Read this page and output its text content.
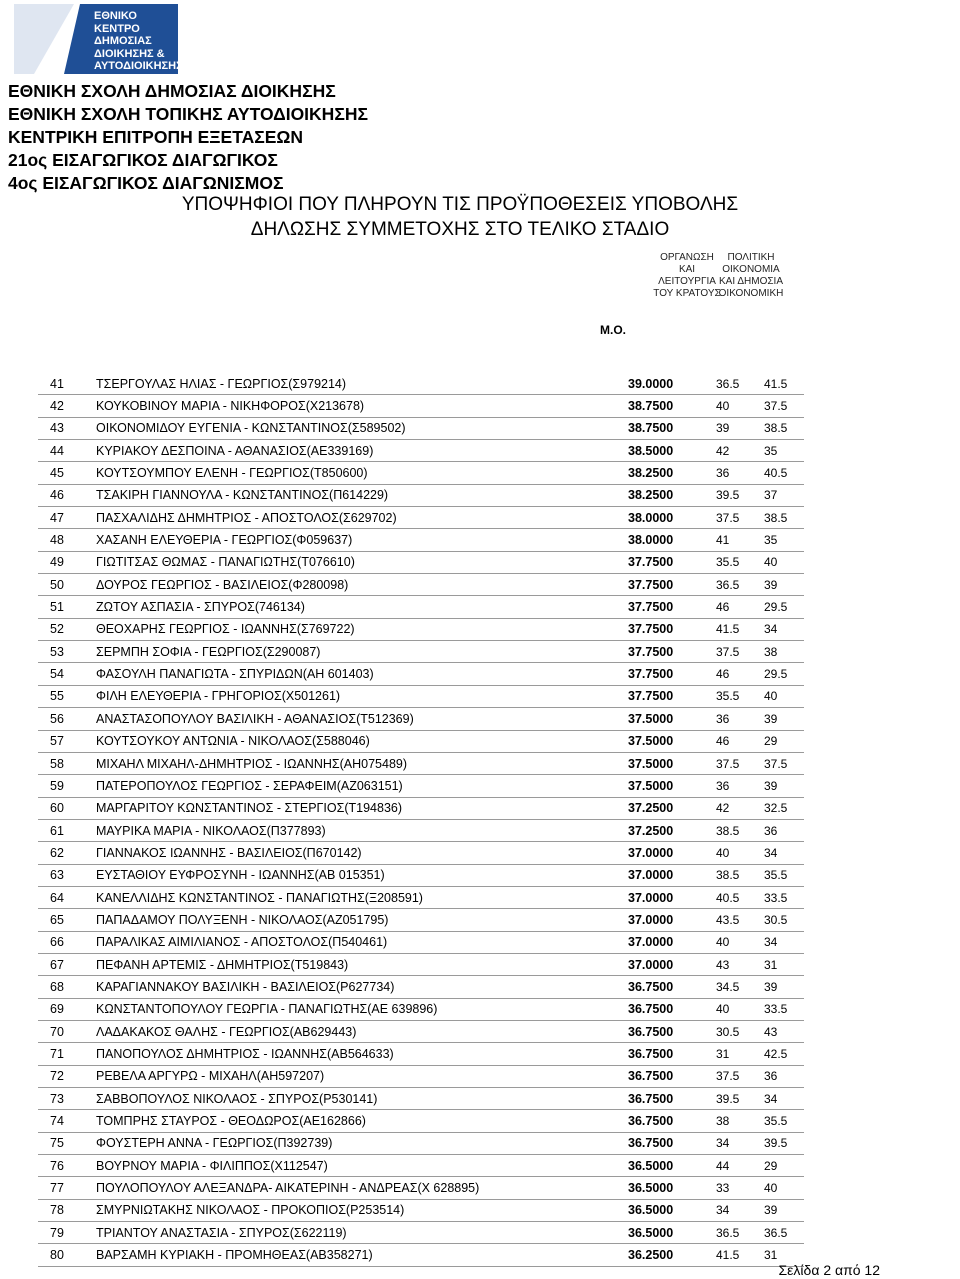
ΕΘΝΙΚΟ
ΚΕΝΤΡΟ
ΔΗΜΟΣΙΑΣ
ΔΙΟΙΚΗΣΗΣ &
ΑΥΤΟΔΙΟΙΚΗΣΗΣ
ΕΘΝΙΚΗ ΣΧΟΛΗ ΔΗΜΟΣΙΑΣ ΔΙΟΙΚΗΣΗΣ
ΕΘΝΙΚΗ ΣΧΟΛΗ ΤΟΠΙΚΗΣ ΑΥΤΟΔΙΟΙΚΗΣΗΣ
ΚΕΝΤΡΙΚΗ ΕΠΙΤΡΟΠΗ ΕΞΕΤΑΣΕΩΝ
21ος ΕΙΣΑΓΩΓΙΚΟΣ ΔΙΑΓΩΓΙΚΟΣ
4ος ΕΙΣΑΓΩΓΙΚΟΣ ΔΙΑΓΩΝΙΣΜΟΣ
ΥΠΟΨΗΦΙΟΙ ΠΟΥ ΠΛΗΡΟΥΝ ΤΙΣ ΠΡΟΫΠΟΘΕΣΕΙΣ ΥΠΟΒΟΛΗΣ
ΔΗΛΩΣΗΣ ΣΥΜΜΕΤΟΧΗΣ ΣΤΟ ΤΕΛΙΚΟ ΣΤΑΔΙΟ
ΟΡΓΑΝΩΣΗ ΚΑΙ
ΛΕΙΤΟΥΡΓΙΑ
ΤΟΥ ΚΡΑΤΟΥΣ
ΠΟΛΙΤΙΚΗ
ΟΙΚΟΝΟΜΙΑ
ΚΑΙ ΔΗΜΟΣΙΑ
ΟΙΚΟΝΟΜΙΚΗ
Μ.Ο.
41	ΤΣΕΡΓΟΥΛΑΣ ΗΛΙΑΣ - ΓΕΩΡΓΙΟΣ(Σ979214)	39.0000	36.5	41.5
42	ΚΟΥΚΟΒΙΝΟΥ ΜΑΡΙΑ - ΝΙΚΗΦΟΡΟΣ(Χ213678)	38.7500	40	37.5
43	ΟΙΚΟΝΟΜΙΔΟΥ ΕΥΓΕΝΙΑ - ΚΩΝΣΤΑΝΤΙΝΟΣ(Σ589502)	38.7500	39	38.5
44	ΚΥΡΙΑΚΟΥ ΔΕΣΠΟΙΝΑ - ΑΘΑΝΑΣΙΟΣ(ΑΕ339169)	38.5000	42	35
45	ΚΟΥΤΣΟΥΜΠΟΥ ΕΛΕΝΗ - ΓΕΩΡΓΙΟΣ(Τ850600)	38.2500	36	40.5
46	ΤΣΑΚΙΡΗ ΓΙΑΝΝΟΥΛΑ - ΚΩΝΣΤΑΝΤΙΝΟΣ(Π614229)	38.2500	39.5	37
47	ΠΑΣΧΑΛΙΔΗΣ ΔΗΜΗΤΡΙΟΣ - ΑΠΟΣΤΟΛΟΣ(Σ629702)	38.0000	37.5	38.5
48	ΧΑΣΑΝΗ ΕΛΕΥΘΕΡΙΑ - ΓΕΩΡΓΙΟΣ(Φ059637)	38.0000	41	35
49	ΓΙΩΤΙΤΣΑΣ ΘΩΜΑΣ - ΠΑΝΑΓΙΩΤΗΣ(Τ076610)	37.7500	35.5	40
50	ΔΟΥΡΟΣ ΓΕΩΡΓΙΟΣ - ΒΑΣΙΛΕΙΟΣ(Φ280098)	37.7500	36.5	39
51	ΖΩΤΟΥ ΑΣΠΑΣΙΑ - ΣΠΥΡΟΣ(746134)	37.7500	46	29.5
52	ΘΕΟΧΑΡΗΣ ΓΕΩΡΓΙΟΣ - ΙΩΑΝΝΗΣ(Σ769722)	37.7500	41.5	34
53	ΣΕΡΜΠΗ ΣΟΦΙΑ - ΓΕΩΡΓΙΟΣ(Σ290087)	37.7500	37.5	38
54	ΦΑΣΟΥΛΗ ΠΑΝΑΓΙΩΤΑ - ΣΠΥΡΙΔΩΝ(ΑΗ 601403)	37.7500	46	29.5
55	ΦΙΛΗ ΕΛΕΥΘΕΡΙΑ - ΓΡΗΓΟΡΙΟΣ(Χ501261)	37.7500	35.5	40
56	ΑΝΑΣΤΑΣΟΠΟΥΛΟΥ ΒΑΣΙΛΙΚΗ - ΑΘΑΝΑΣΙΟΣ(Τ512369)	37.5000	36	39
57	ΚΟΥΤΣΟΥΚΟΥ ΑΝΤΩΝΙΑ - ΝΙΚΟΛΑΟΣ(Σ588046)	37.5000	46	29
58	ΜΙΧΑΗΛ ΜΙΧΑΗΛ-ΔΗΜΗΤΡΙΟΣ - ΙΩΑΝΝΗΣ(ΑΗ075489)	37.5000	37.5	37.5
59	ΠΑΤΕΡΟΠΟΥΛΟΣ ΓΕΩΡΓΙΟΣ - ΣΕΡΑΦΕΙΜ(ΑΖ063151)	37.5000	36	39
60	ΜΑΡΓΑΡΙΤΟΥ ΚΩΝΣΤΑΝΤΙΝΟΣ - ΣΤΕΡΓΙΟΣ(Τ194836)	37.2500	42	32.5
61	ΜΑΥΡΙΚΑ ΜΑΡΙΑ - ΝΙΚΟΛΑΟΣ(Π377893)	37.2500	38.5	36
62	ΓΙΑΝΝΑΚΟΣ ΙΩΑΝΝΗΣ - ΒΑΣΙΛΕΙΟΣ(Π670142)	37.0000	40	34
63	ΕΥΣΤΑΘΙΟΥ ΕΥΦΡΟΣΥΝΗ - ΙΩΑΝΝΗΣ(ΑΒ 015351)	37.0000	38.5	35.5
64	ΚΑΝΕΛΛΙΔΗΣ ΚΩΝΣΤΑΝΤΙΝΟΣ - ΠΑΝΑΓΙΩΤΗΣ(Ξ208591)	37.0000	40.5	33.5
65	ΠΑΠΑΔΑΜΟΥ ΠΟΛΥΞΕΝΗ - ΝΙΚΟΛΑΟΣ(ΑΖ051795)	37.0000	43.5	30.5
66	ΠΑΡΑΛΙΚΑΣ ΑΙΜΙΛΙΑΝΟΣ - ΑΠΟΣΤΟΛΟΣ(Π540461)	37.0000	40	34
67	ΠΕΦΑΝΗ ΑΡΤΕΜΙΣ - ΔΗΜΗΤΡΙΟΣ(Τ519843)	37.0000	43	31
68	ΚΑΡΑΓΙΑΝΝΑΚΟΥ ΒΑΣΙΛΙΚΗ - ΒΑΣΙΛΕΙΟΣ(Ρ627734)	36.7500	34.5	39
69	ΚΩΝΣΤΑΝΤΟΠΟΥΛΟΥ ΓΕΩΡΓΙΑ - ΠΑΝΑΓΙΩΤΗΣ(ΑΕ 639896)	36.7500	40	33.5
70	ΛΑΔΑΚΑΚΟΣ ΘΑΛΗΣ - ΓΕΩΡΓΙΟΣ(ΑΒ629443)	36.7500	30.5	43
71	ΠΑΝΟΠΟΥΛΟΣ ΔΗΜΗΤΡΙΟΣ - ΙΩΑΝΝΗΣ(ΑΒ564633)	36.7500	31	42.5
72	ΡΕΒΕΛΑ ΑΡΓΥΡΩ - ΜΙΧΑΗΛ(ΑΗ597207)	36.7500	37.5	36
73	ΣΑΒΒΟΠΟΥΛΟΣ ΝΙΚΟΛΑΟΣ - ΣΠΥΡΟΣ(Ρ530141)	36.7500	39.5	34
74	ΤΟΜΠΡΗΣ ΣΤΑΥΡΟΣ - ΘΕΟΔΩΡΟΣ(ΑΕ162866)	36.7500	38	35.5
75	ΦΟΥΣΤΕΡΗ ΑΝΝΑ - ΓΕΩΡΓΙΟΣ(Π392739)	36.7500	34	39.5
76	ΒΟΥΡΝΟΥ ΜΑΡΙΑ - ΦΙΛΙΠΠΟΣ(Χ112547)	36.5000	44	29
77	ΠΟΥΛΟΠΟΥΛΟΥ ΑΛΕΞΑΝΔΡΑ- ΑΙΚΑΤΕΡΙΝΗ - ΑΝΔΡΕΑΣ(Χ 628895)	36.5000	33	40
78	ΣΜΥΡΝΙΩΤΑΚΗΣ ΝΙΚΟΛΑΟΣ - ΠΡΟΚΟΠΙΟΣ(Ρ253514)	36.5000	34	39
79	ΤΡΙΑΝΤΟΥ ΑΝΑΣΤΑΣΙΑ - ΣΠΥΡΟΣ(Σ622119)	36.5000	36.5	36.5
80	ΒΑΡΣΑΜΗ ΚΥΡΙΑΚΗ - ΠΡΟΜΗΘΕΑΣ(ΑΒ358271)	36.2500	41.5	31
Σελίδα 2 από 12
